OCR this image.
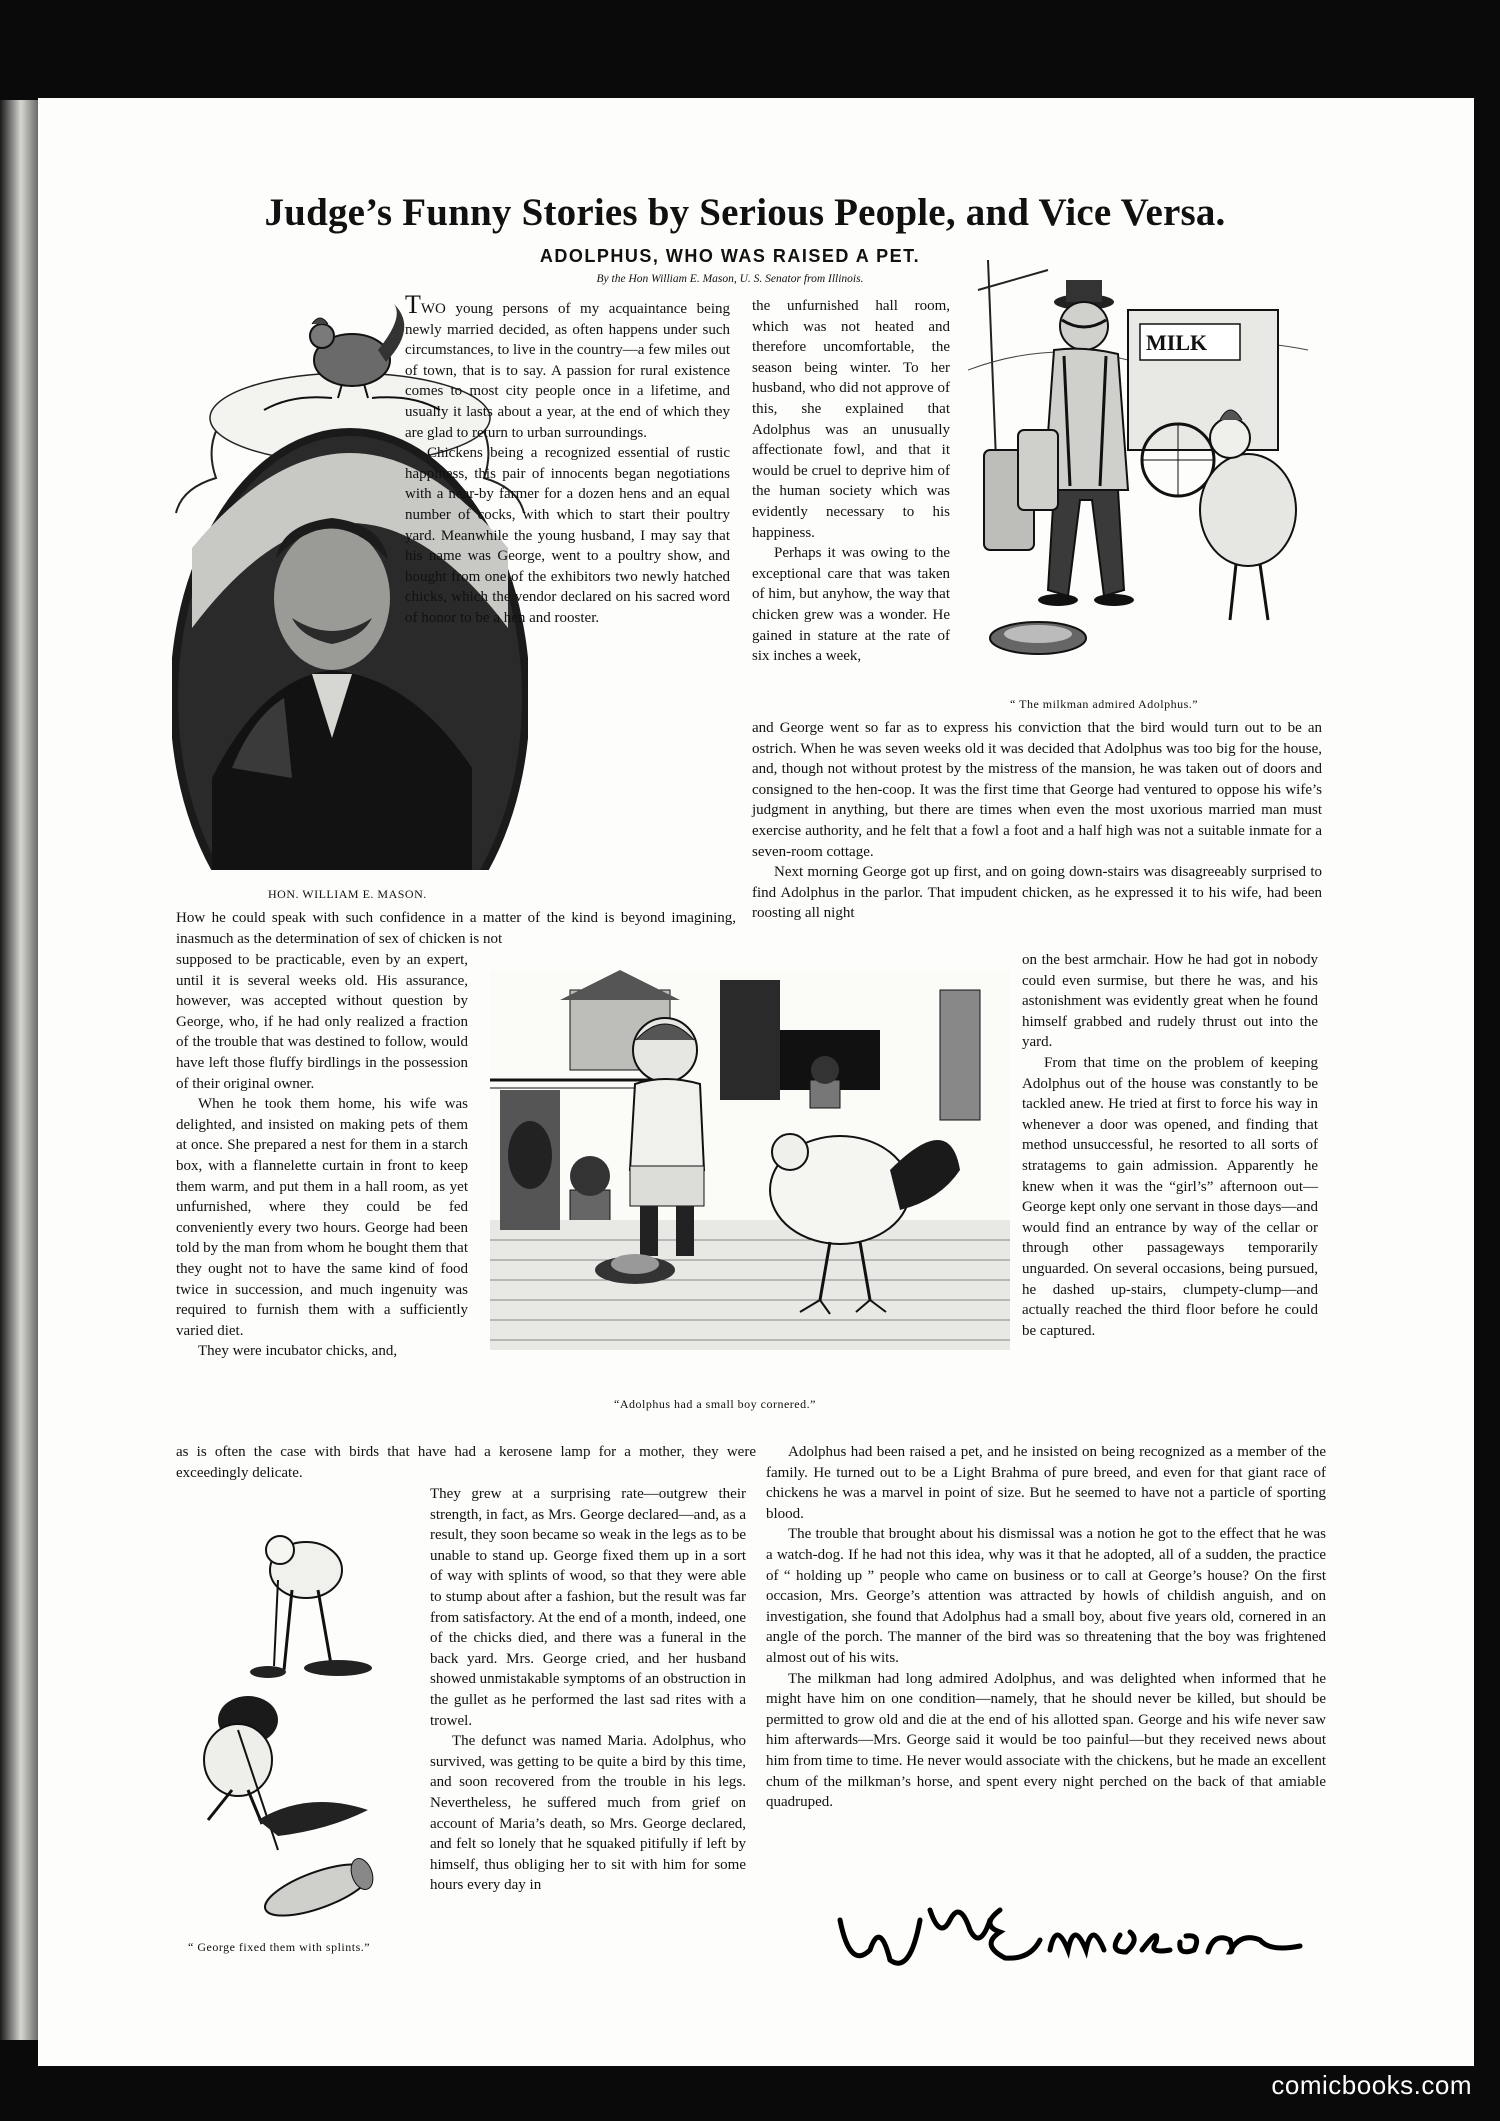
Judge’s Funny Stories by Serious People, and Vice Versa.
ADOLPHUS, WHO WAS RAISED A PET.

By the Hon William E. Mason, U. S. Senator from Illinois.

HON. WILLIAM E. MASON.

MILK

“ The milkman admired Adolphus.”

“Adolphus had a small boy cornered.”

“ George fixed them with splints.”

TWO young persons of my acquaintance being newly married decided, as often happens under such circumstances, to live in the country—a few miles out of town, that is to say. A passion for rural existence comes to most city people once in a lifetime, and usually it lasts about a year, at the end of which they are glad to return to urban surroundings.

Chickens being a recognized essential of rustic happiness, this pair of innocents began negotiations with a near-by farmer for a dozen hens and an equal number of cocks, with which to start their poultry yard. Meanwhile the young husband, I may say that his name was George, went to a poultry show, and bought from one of the exhibitors two newly hatched chicks, which the vendor declared on his sacred word of honor to be a hen and rooster.

the unfurnished hall room, which was not heated and therefore uncomfortable, the season being winter. To her husband, who did not approve of this, she explained that Adolphus was an unusually affectionate fowl, and that it would be cruel to deprive him of the human society which was evidently necessary to his happiness.

Perhaps it was owing to the exceptional care that was taken of him, but anyhow, the way that chicken grew was a wonder. He gained in stature at the rate of six inches a week,

and George went so far as to express his conviction that the bird would turn out to be an ostrich. When he was seven weeks old it was decided that Adolphus was too big for the house, and, though not without protest by the mistress of the mansion, he was taken out of doors and consigned to the hen-coop. It was the first time that George had ventured to oppose his wife’s judgment in anything, but there are times when even the most uxorious married man must exercise authority, and he felt that a fowl a foot and a half high was not a suitable inmate for a seven-room cottage.

Next morning George got up first, and on going down-stairs was disagreeably surprised to find Adolphus in the parlor. That impudent chicken, as he expressed it to his wife, had been roosting all night

How he could speak with such confidence in a matter of the kind is beyond imagining, inasmuch as the determination of sex of chicken is not

supposed to be practicable, even by an expert, until it is several weeks old. His assurance, however, was accepted without question by George, who, if he had only realized a fraction of the trouble that was destined to follow, would have left those fluffy birdlings in the possession of their original owner.

When he took them home, his wife was delighted, and insisted on making pets of them at once. She prepared a nest for them in a starch box, with a flannelette curtain in front to keep them warm, and put them in a hall room, as yet unfurnished, where they could be fed conveniently every two hours. George had been told by the man from whom he bought them that they ought not to have the same kind of food twice in succession, and much ingenuity was required to furnish them with a sufficiently varied diet.

They were incubator chicks, and,

on the best armchair. How he had got in nobody could even surmise, but there he was, and his astonishment was evidently great when he found himself grabbed and rudely thrust out into the yard.

From that time on the problem of keeping Adolphus out of the house was constantly to be tackled anew. He tried at first to force his way in whenever a door was opened, and finding that method unsuccessful, he resorted to all sorts of stratagems to gain admission. Apparently he knew when it was the “girl’s” afternoon out—George kept only one servant in those days—and would find an entrance by way of the cellar or through other passageways temporarily unguarded. On several occasions, being pursued, he dashed up-stairs, clumpety-clump—and actually reached the third floor before he could be captured.

as is often the case with birds that have had a kerosene lamp for a mother, they were exceedingly delicate.

They grew at a surprising rate—outgrew their strength, in fact, as Mrs. George declared—and, as a result, they soon became so weak in the legs as to be unable to stand up. George fixed them up in a sort of way with splints of wood, so that they were able to stump about after a fashion, but the result was far from satisfactory. At the end of a month, indeed, one of the chicks died, and there was a funeral in the back yard. Mrs. George cried, and her husband showed unmistakable symptoms of an obstruction in the gullet as he performed the last sad rites with a trowel.

The defunct was named Maria. Adolphus, who survived, was getting to be quite a bird by this time, and soon recovered from the trouble in his legs. Nevertheless, he suffered much from grief on account of Maria’s death, so Mrs. George declared, and felt so lonely that he squaked pitifully if left by himself, thus obliging her to sit with him for some hours every day in

Adolphus had been raised a pet, and he insisted on being recognized as a member of the family. He turned out to be a Light Brahma of pure breed, and even for that giant race of chickens he was a marvel in point of size. But he seemed to have not a particle of sporting blood.

The trouble that brought about his dismissal was a notion he got to the effect that he was a watch-dog. If he had not this idea, why was it that he adopted, all of a sudden, the practice of “ holding up ” people who came on business or to call at George’s house? On the first occasion, Mrs. George’s attention was attracted by howls of childish anguish, and on investigation, she found that Adolphus had a small boy, about five years old, cornered in an angle of the porch. The manner of the bird was so threatening that the boy was frightened almost out of his wits.

The milkman had long admired Adolphus, and was delighted when informed that he might have him on one condition—namely, that he should never be killed, but should be permitted to grow old and die at the end of his allotted span. George and his wife never saw him afterwards—Mrs. George said it would be too painful—but they received news about him from time to time. He never would associate with the chickens, but he made an excellent chum of the milkman’s horse, and spent every night perched on the back of that amiable quadruped.

comicbooks.com
